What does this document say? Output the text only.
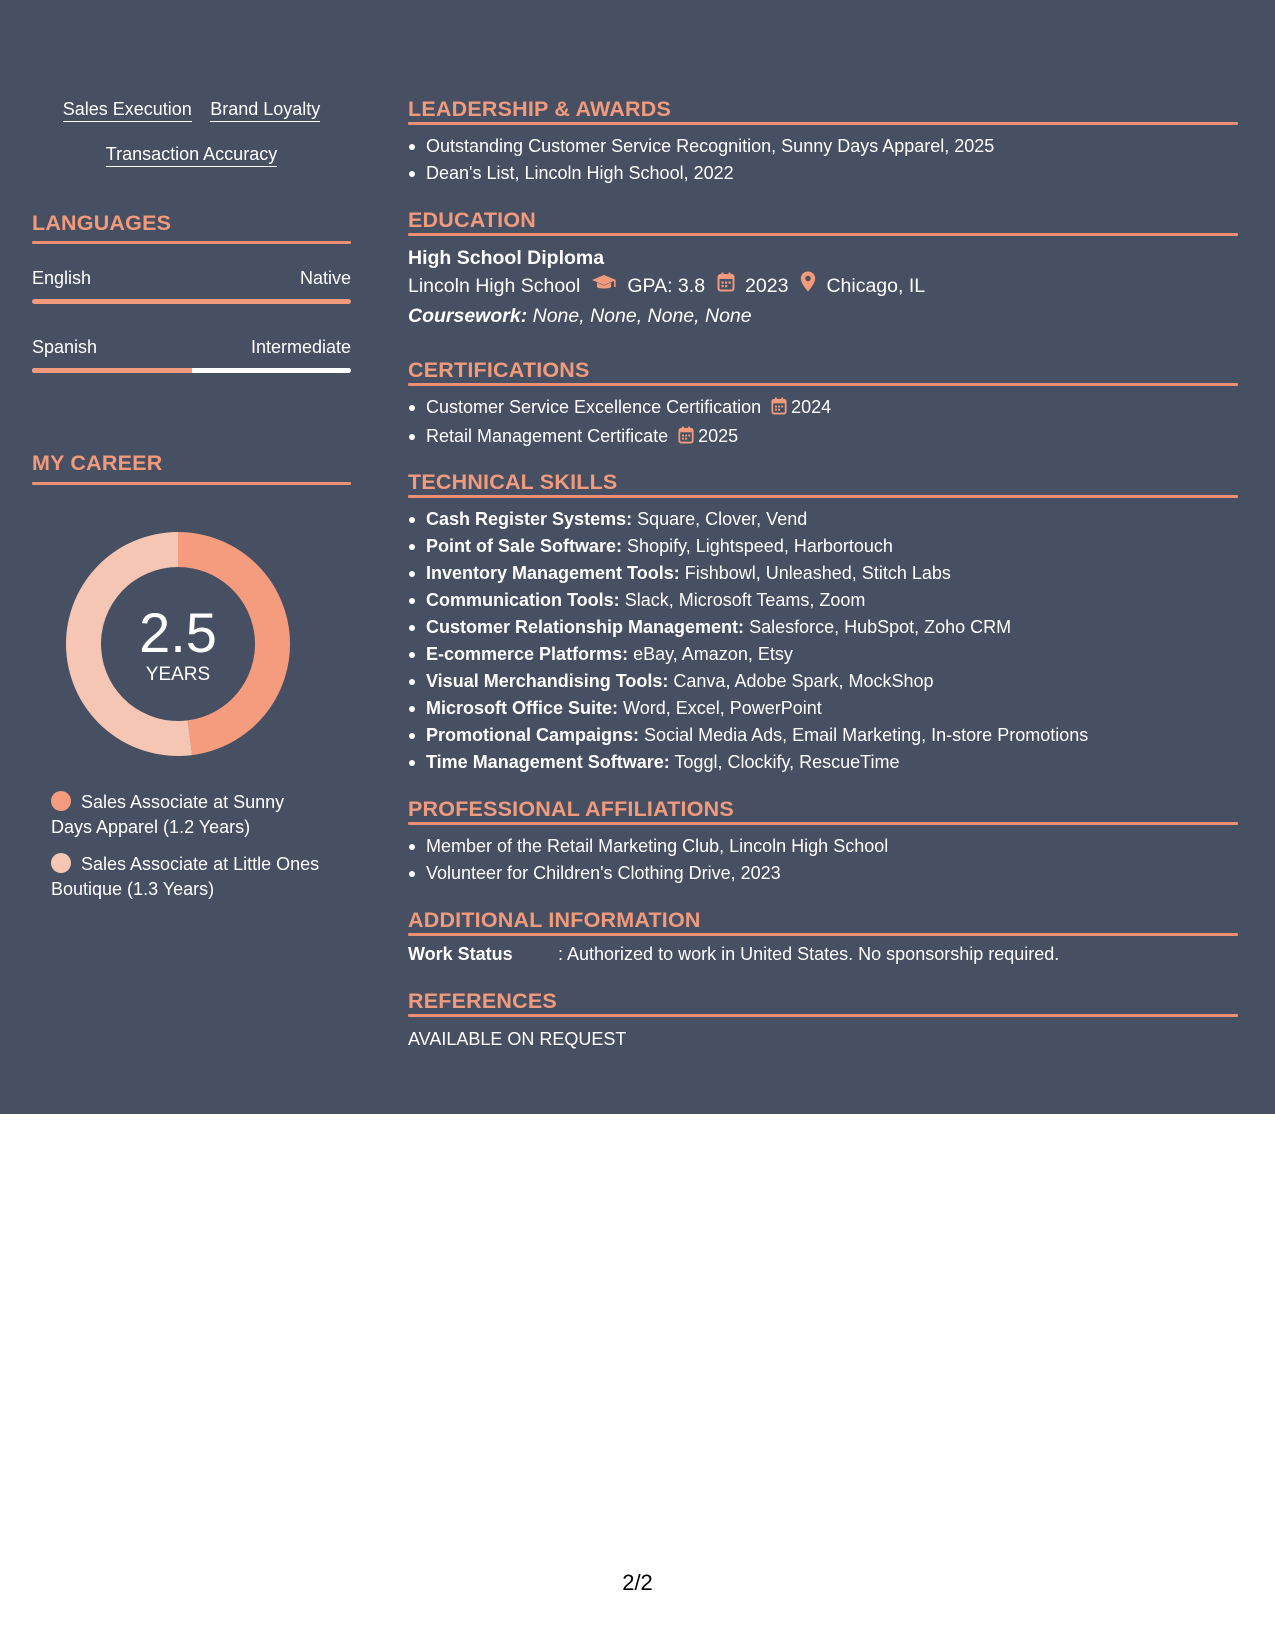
Sales Execution Brand Loyalty
Transaction Accuracy
LANGUAGES
English	Native
Spanish	Intermediate
MY CAREER
2.5
YEARS
Sales Associate at Sunny Days Apparel (1.2 Years)
Sales Associate at Little Ones Boutique (1.3 Years)
LEADERSHIP & AWARDS
Outstanding Customer Service Recognition, Sunny Days Apparel, 2025
Dean's List, Lincoln High School, 2022
EDUCATION
High School Diploma
Lincoln High School GPA: 3.8 2023 Chicago, IL
Coursework: None, None, None, None
CERTIFICATIONS
Customer Service Excellence Certification 2024
Retail Management Certificate 2025
TECHNICAL SKILLS
Cash Register Systems: Square, Clover, Vend
Point of Sale Software: Shopify, Lightspeed, Harbortouch
Inventory Management Tools: Fishbowl, Unleashed, Stitch Labs
Communication Tools: Slack, Microsoft Teams, Zoom
Customer Relationship Management: Salesforce, HubSpot, Zoho CRM
E-commerce Platforms: eBay, Amazon, Etsy
Visual Merchandising Tools: Canva, Adobe Spark, MockShop
Microsoft Office Suite: Word, Excel, PowerPoint
Promotional Campaigns: Social Media Ads, Email Marketing, In-store Promotions
Time Management Software: Toggl, Clockify, RescueTime
PROFESSIONAL AFFILIATIONS
Member of the Retail Marketing Club, Lincoln High School
Volunteer for Children's Clothing Drive, 2023
ADDITIONAL INFORMATION
Work Status	: Authorized to work in United States. No sponsorship required.
REFERENCES
AVAILABLE ON REQUEST
2/2
